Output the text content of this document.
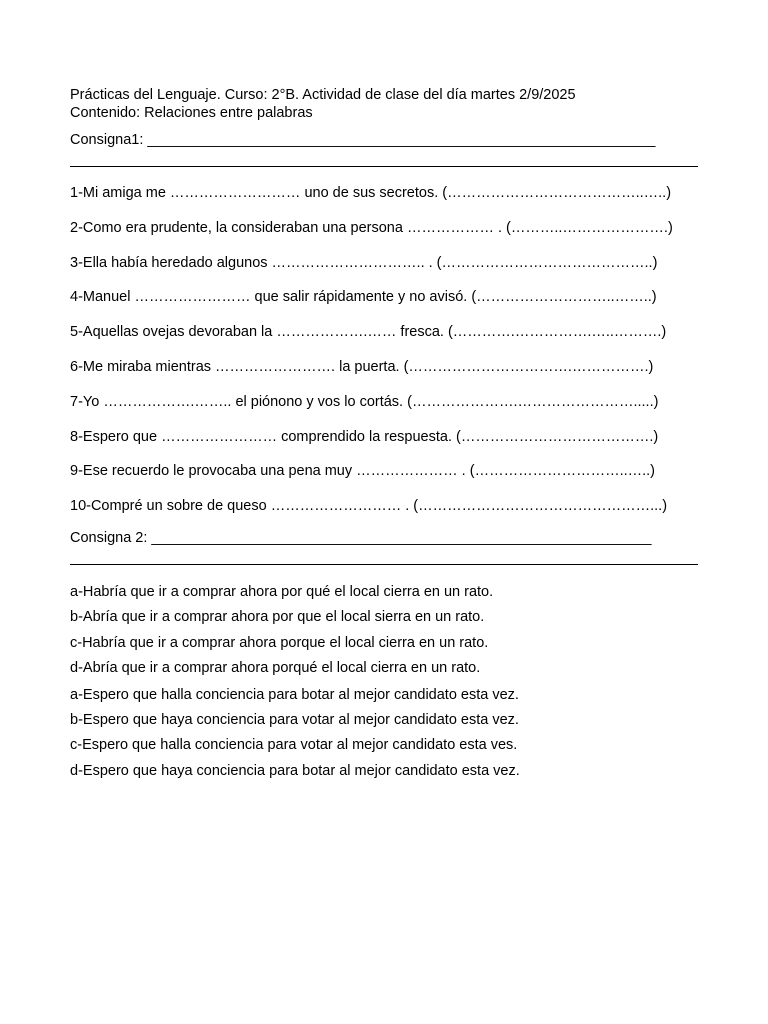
Prácticas del Lenguaje. Curso: 2°B. Actividad de clase del día martes 2/9/2025
Contenido: Relaciones entre palabras
Consigna1: _______________________________________________________________
1-Mi amiga me ……………………… uno de sus secretos. (…………………………………..…..)
2-Como era prudente, la consideraban una persona ……………… . (………..………………….)
3-Ella había heredado algunos ………………………….. . (……………………………………..)
4-Manuel …………………… que salir rápidamente y no avisó. (………………………..……..)
5-Aquellas ovejas devoraban la ……………….…… fresca. (………….…………….…..……….)
6-Me miraba mientras ……………………. la puerta. (…………………………….…………….)
7-Yo ……………….…….. el piónono y vos lo cortás. (………………….…………………….....)
8-Espero que …………………… comprendido la respuesta. (………………………………….)
9-Ese recuerdo le provocaba una pena muy ………………… . (…………………………..…..)
10-Compré un sobre de queso ……………………… . (…………………………………………...)
Consigna 2: ______________________________________________________________
a-Habría que ir a comprar ahora por qué el local cierra en un rato.
b-Abría que ir a comprar ahora por que el local sierra en un rato.
c-Habría que ir a comprar ahora porque el local cierra en un rato.
d-Abría que ir a comprar ahora porqué el local cierra en un rato.
a-Espero que halla conciencia para botar al mejor candidato esta vez.
b-Espero que haya conciencia para votar al mejor candidato esta vez.
c-Espero que halla conciencia para votar al mejor candidato esta ves.
d-Espero que haya conciencia para botar al mejor candidato esta vez.
